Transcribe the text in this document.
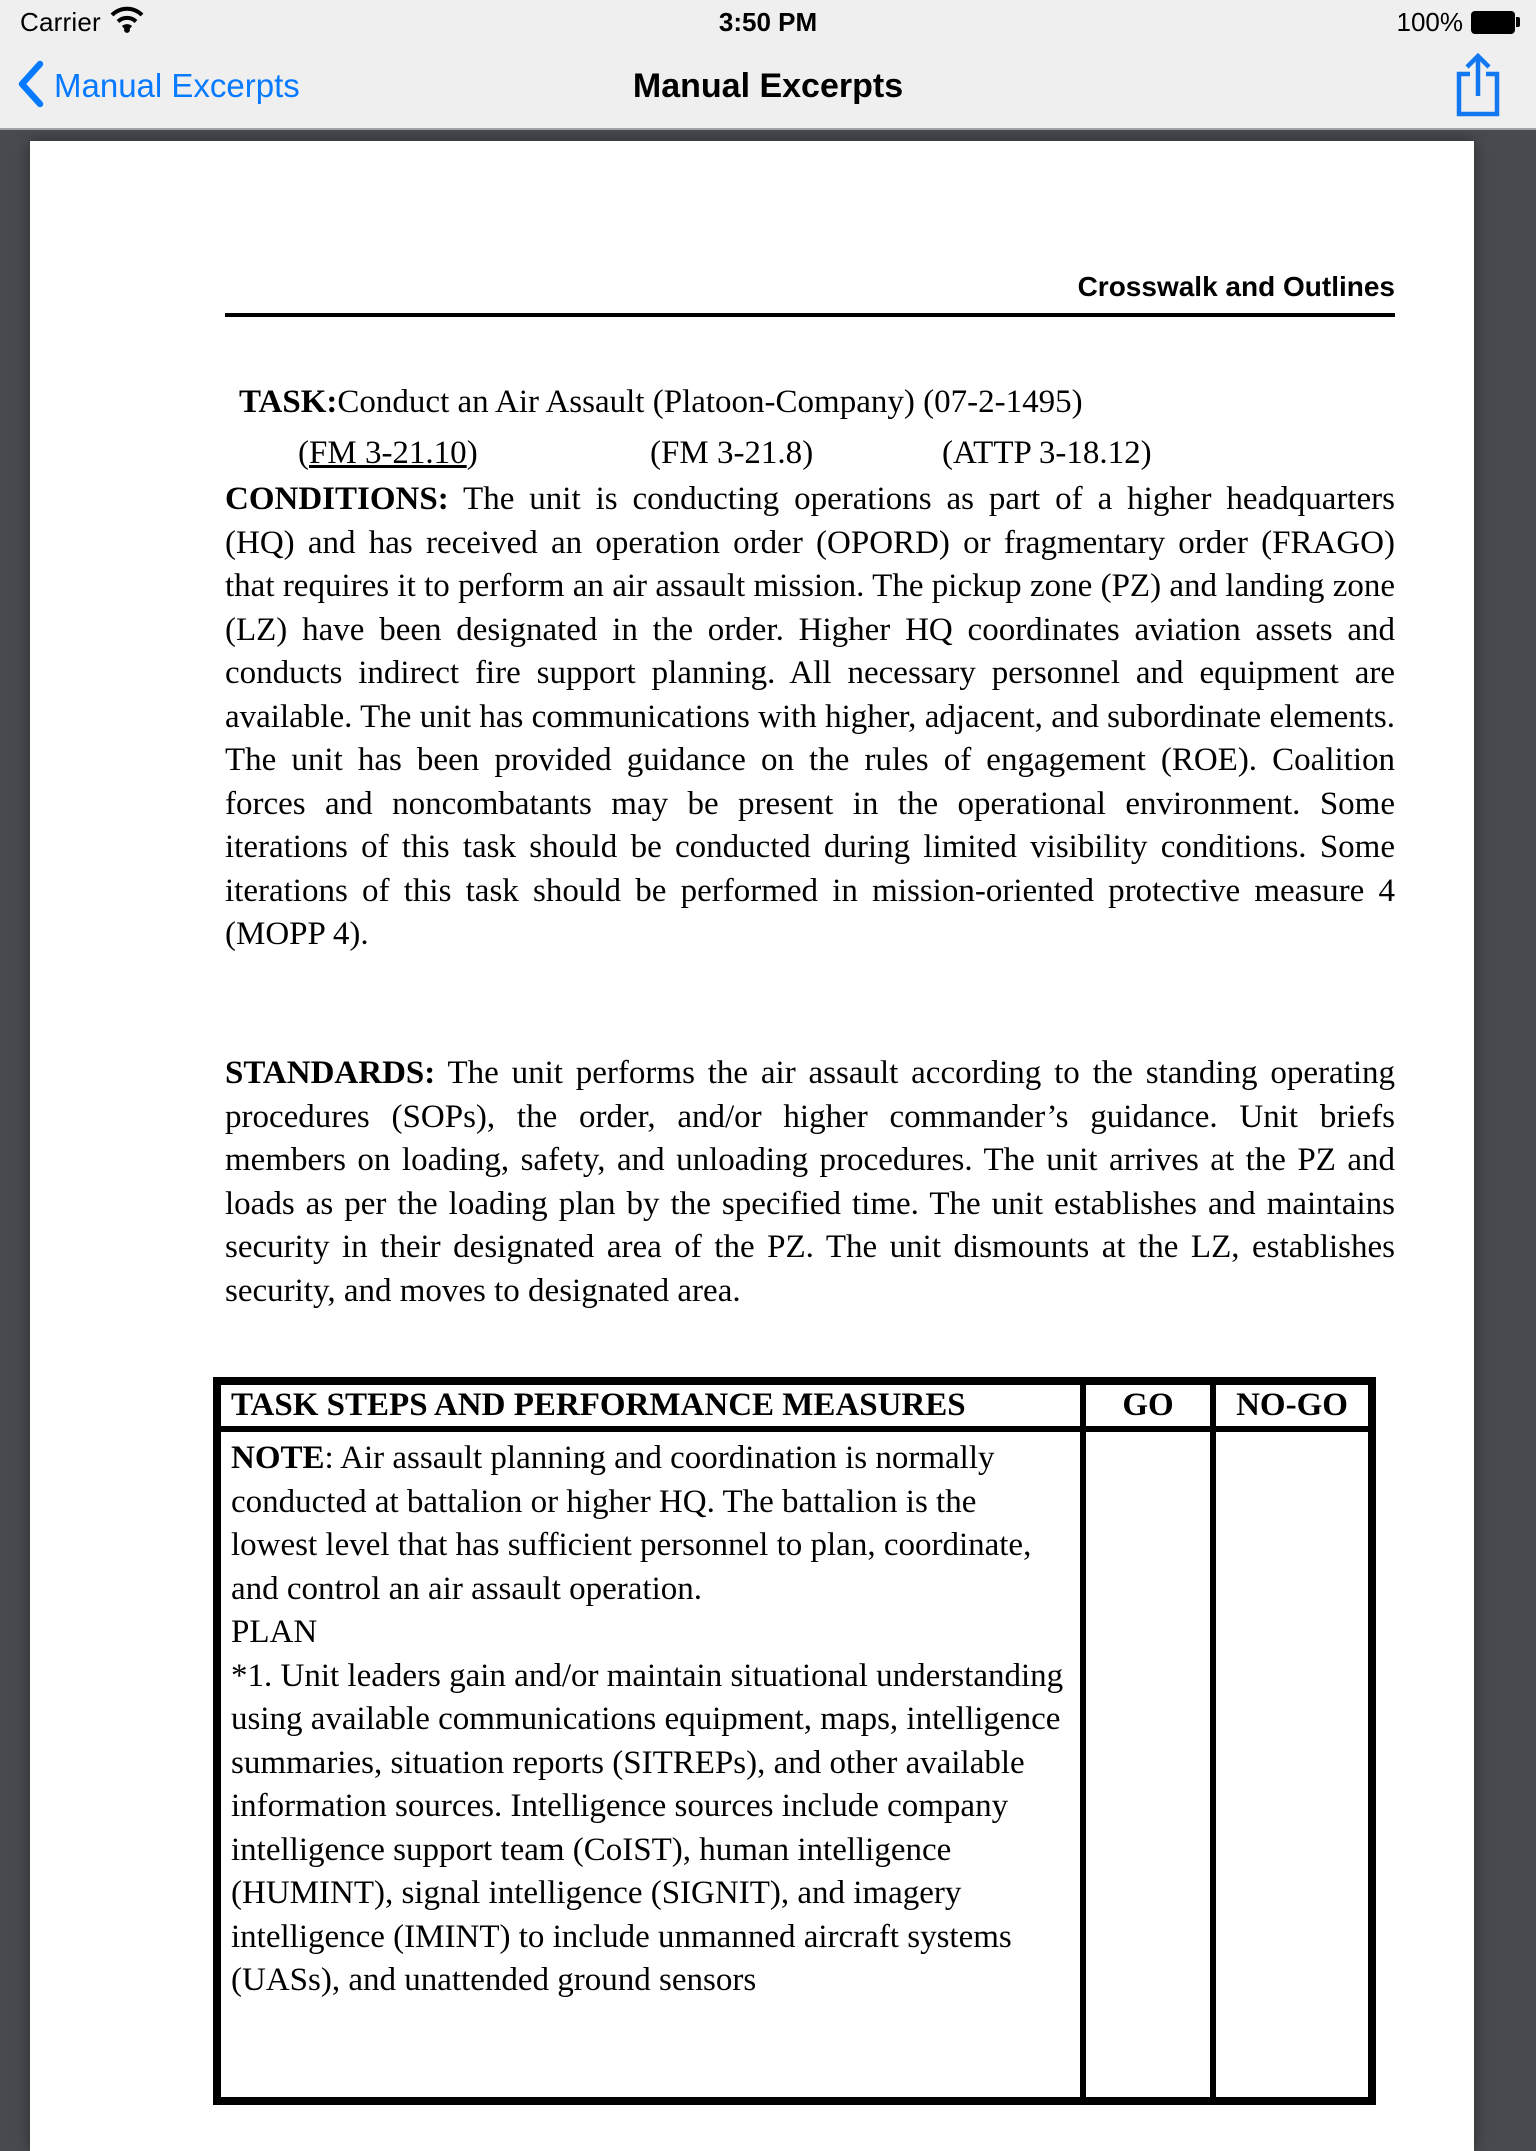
Carrier	3:50 PM	100%
Manual Excerpts	Manual Excerpts
Crosswalk and Outlines
TASK:Conduct an Air Assault (Platoon-Company) (07-2-1495)
(FM 3-21.10)	(FM 3-21.8)	(ATTP 3-18.12)
CONDITIONS: The unit is conducting operations as part of a higher headquarters (HQ) and has received an operation order (OPORD) or fragmentary order (FRAGO) that requires it to perform an air assault mission. The pickup zone (PZ) and landing zone (LZ) have been designated in the order. Higher HQ coordinates aviation assets and conducts indirect fire support planning. All necessary personnel and equipment are available. The unit has communications with higher, adjacent, and subordinate elements. The unit has been provided guidance on the rules of engagement (ROE). Coalition forces and noncombatants may be present in the operational environment. Some iterations of this task should be conducted during limited visibility conditions. Some iterations of this task should be performed in mission-oriented protective measure 4 (MOPP 4).
STANDARDS: The unit performs the air assault according to the standing operating procedures (SOPs), the order, and/or higher commander’s guidance. Unit briefs members on loading, safety, and unloading procedures. The unit arrives at the PZ and loads as per the loading plan by the specified time. The unit establishes and maintains security in their designated area of the PZ. The unit dismounts at the LZ, establishes security, and moves to designated area.
TASK STEPS AND PERFORMANCE MEASURES	GO	NO-GO

NOTE: Air assault planning and coordination is normally conducted at battalion or higher HQ. The battalion is the lowest level that has sufficient personnel to plan, coordinate, and control an air assault operation.
PLAN
*1. Unit leaders gain and/or maintain situational understanding using available communications equipment, maps, intelligence summaries, situation reports (SITREPs), and other available information sources. Intelligence sources include company intelligence support team (CoIST), human intelligence (HUMINT), signal intelligence (SIGNIT), and imagery intelligence (IMINT) to include unmanned aircraft systems (UASs), and unattended ground sensors		
